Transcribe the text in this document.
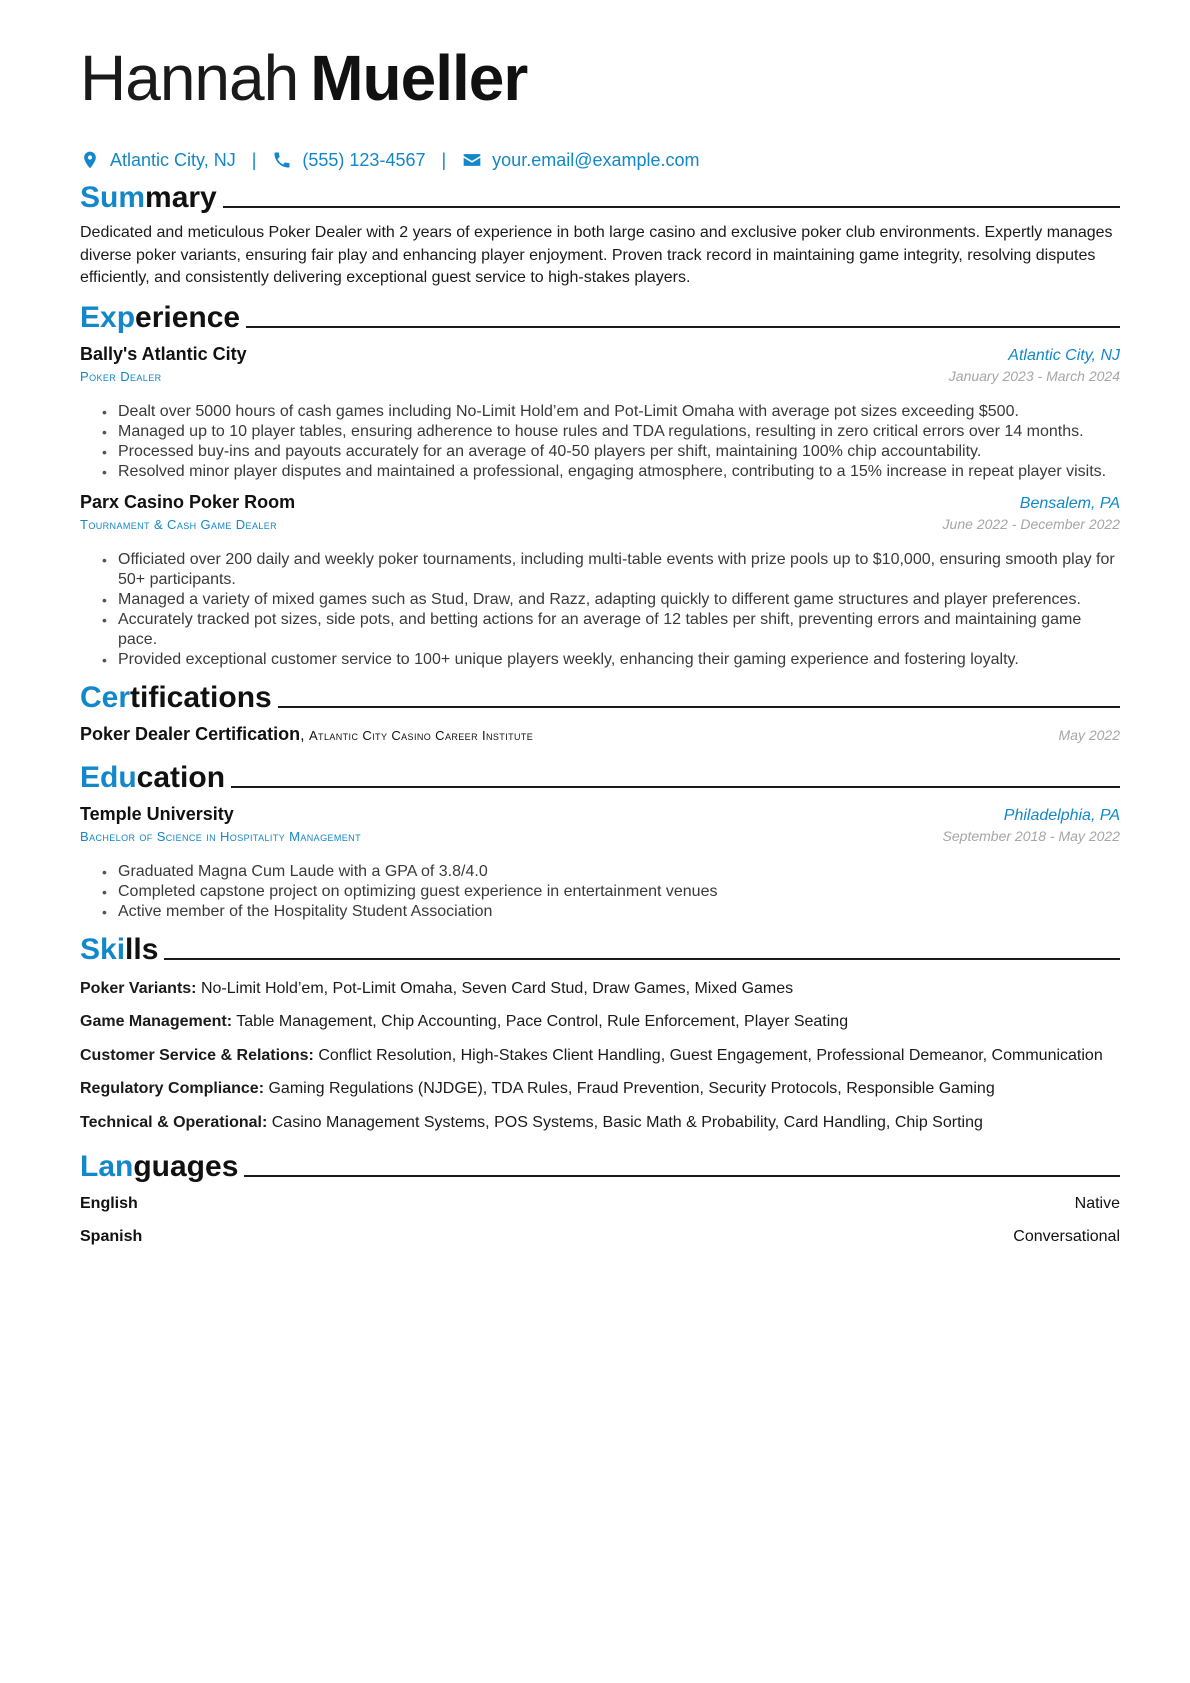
Hannah Mueller
Atlantic City, NJ |	(555) 123-4567 |	your.email@example.com
Summary
Dedicated and meticulous Poker Dealer with 2 years of experience in both large casino and exclusive poker club environments. Expertly manages diverse poker variants, ensuring fair play and enhancing player enjoyment. Proven track record in maintaining game integrity, resolving disputes efficiently, and consistently delivering exceptional guest service to high-stakes players.
Experience
Bally's Atlantic City	Atlantic City, NJ
Poker Dealer	January 2023 - March 2024
• Dealt over 5000 hours of cash games including No-Limit Hold’em and Pot-Limit Omaha with average pot sizes exceeding $500.
• Managed up to 10 player tables, ensuring adherence to house rules and TDA regulations, resulting in zero critical errors over 14 months.
• Processed buy-ins and payouts accurately for an average of 40-50 players per shift, maintaining 100% chip accountability.
• Resolved minor player disputes and maintained a professional, engaging atmosphere, contributing to a 15% increase in repeat player visits.
Parx Casino Poker Room	Bensalem, PA
Tournament & Cash Game Dealer	June 2022 - December 2022
• Officiated over 200 daily and weekly poker tournaments, including multi-table events with prize pools up to $10,000, ensuring smooth play for 50+ participants.
• Managed a variety of mixed games such as Stud, Draw, and Razz, adapting quickly to different game structures and player preferences.
• Accurately tracked pot sizes, side pots, and betting actions for an average of 12 tables per shift, preventing errors and maintaining game pace.
• Provided exceptional customer service to 100+ unique players weekly, enhancing their gaming experience and fostering loyalty.
Certifications
Poker Dealer Certification, Atlantic City Casino Career Institute	May 2022
Education
Temple University	Philadelphia, PA
Bachelor of Science in Hospitality Management	September 2018 - May 2022
• Graduated Magna Cum Laude with a GPA of 3.8/4.0
• Completed capstone project on optimizing guest experience in entertainment venues
• Active member of the Hospitality Student Association
Skills
Poker Variants: No-Limit Hold’em, Pot-Limit Omaha, Seven Card Stud, Draw Games, Mixed Games
Game Management: Table Management, Chip Accounting, Pace Control, Rule Enforcement, Player Seating
Customer Service & Relations: Conflict Resolution, High-Stakes Client Handling, Guest Engagement, Professional Demeanor, Communication
Regulatory Compliance: Gaming Regulations (NJDGE), TDA Rules, Fraud Prevention, Security Protocols, Responsible Gaming
Technical & Operational: Casino Management Systems, POS Systems, Basic Math & Probability, Card Handling, Chip Sorting
Languages
English	Native
Spanish	Conversational
